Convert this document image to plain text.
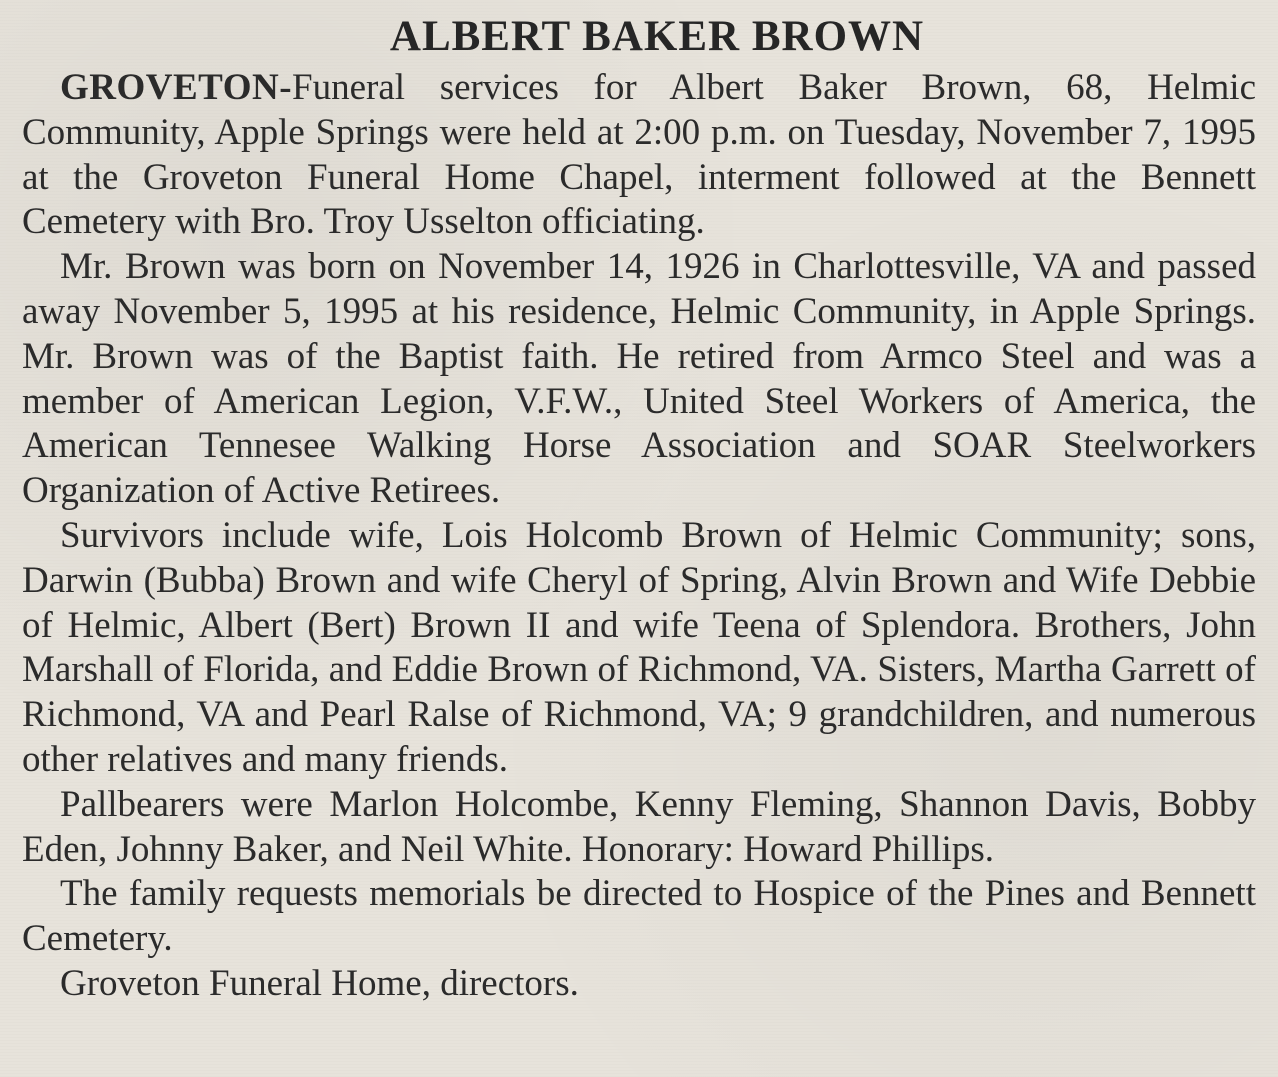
ALBERT BAKER BROWN

GROVETON-Funeral services for Albert Baker Brown, 68, Helmic Community, Apple Springs were held at 2:00 p.m. on Tuesday, November 7, 1995 at the Groveton Funeral Home Chapel, interment followed at the Bennett Cemetery with Bro. Troy Usselton officiating.

Mr. Brown was born on November 14, 1926 in Charlottesville, VA and passed away November 5, 1995 at his residence, Helmic Community, in Apple Springs. Mr. Brown was of the Baptist faith. He retired from Armco Steel and was a member of American Legion, V.F.W., United Steel Workers of America, the American Tennesee Walking Horse Association and SOAR Steelworkers Organization of Active Retirees.

Survivors include wife, Lois Holcomb Brown of Helmic Community; sons, Darwin (Bubba) Brown and wife Cheryl of Spring, Alvin Brown and Wife Debbie of Helmic, Albert (Bert) Brown II and wife Teena of Splendora. Brothers, John Marshall of Florida, and Eddie Brown of Richmond, VA. Sisters, Martha Garrett of Richmond, VA and Pearl Ralse of Richmond, VA; 9 grandchildren, and numerous other relatives and many friends.

Pallbearers were Marlon Holcombe, Kenny Fleming, Shannon Davis, Bobby Eden, Johnny Baker, and Neil White. Honorary: Howard Phillips.

The family requests memorials be directed to Hospice of the Pines and Bennett Cemetery.

Groveton Funeral Home, directors.
